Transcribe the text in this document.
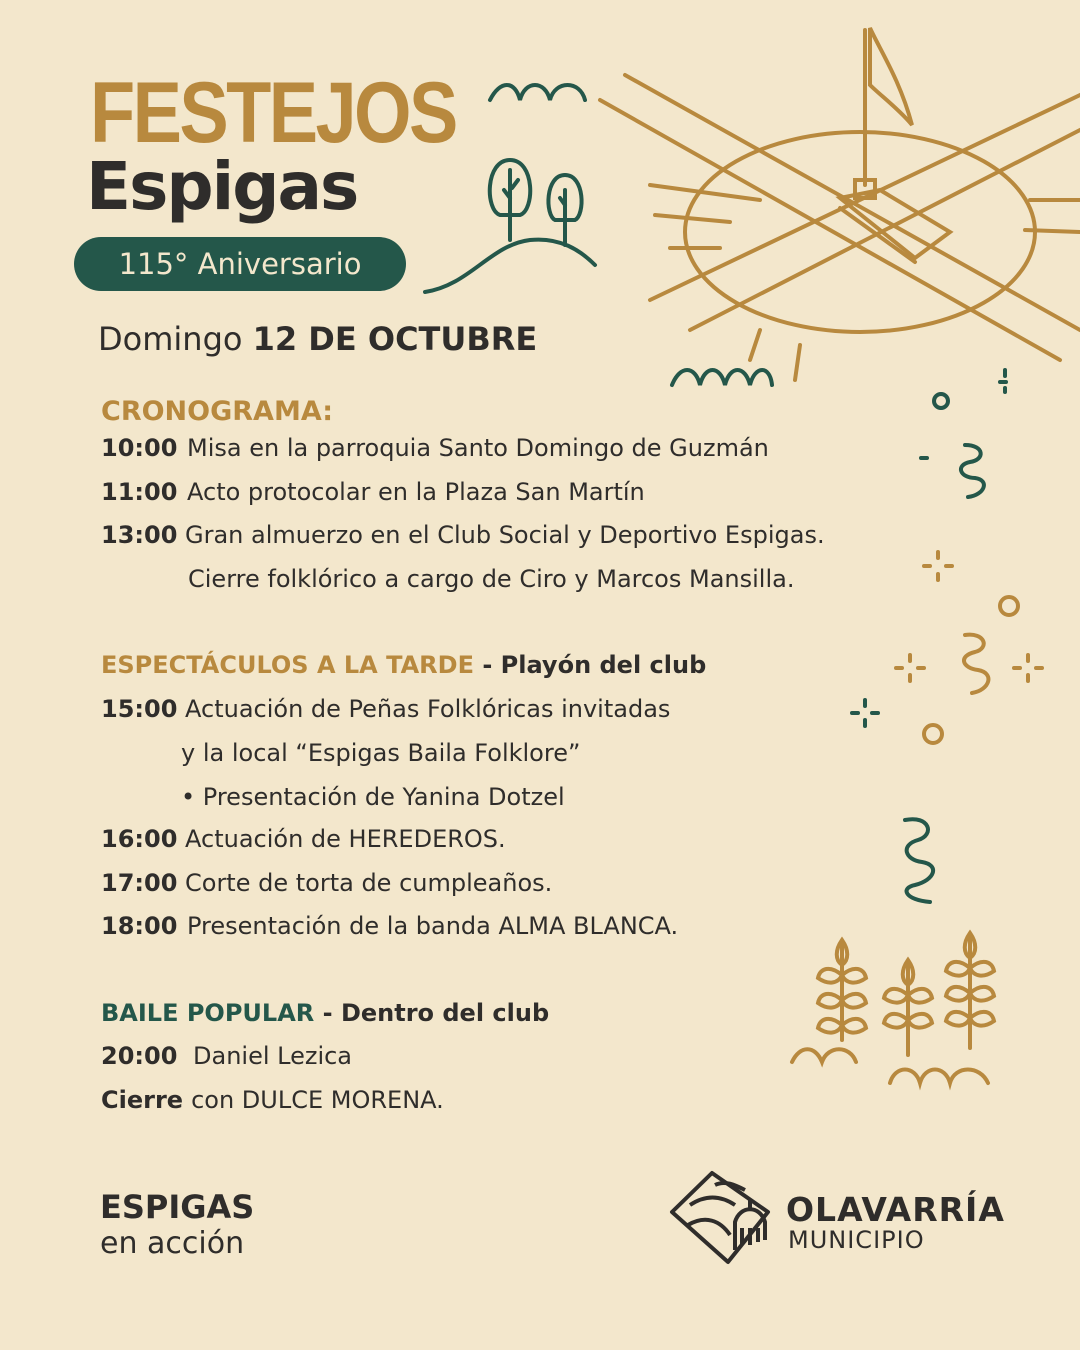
FESTEJOS
Espigas
115° Aniversario
Domingo 12 DE OCTUBRE
CRONOGRAMA:
10:00 Misa en la parroquia Santo Domingo de Guzmán
11:00 Acto protocolar en la Plaza San Martín
13:00 Gran almuerzo en el Club Social y Deportivo Espigas.
Cierre folklórico a cargo de Ciro y Marcos Mansilla.
ESPECTÁCULOS A LA TARDE - Playón del club
15:00 Actuación de Peñas Folklóricas invitadas
y la local “Espigas Baila Folklore”
• Presentación de Yanina Dotzel
16:00 Actuación de HEREDEROS.
17:00 Corte de torta de cumpleaños.
18:00 Presentación de la banda ALMA BLANCA.
BAILE POPULAR - Dentro del club
20:00 Daniel Lezica
Cierre con DULCE MORENA.
ESPIGAS
en acción
OLAVARRÍA
MUNICIPIO
